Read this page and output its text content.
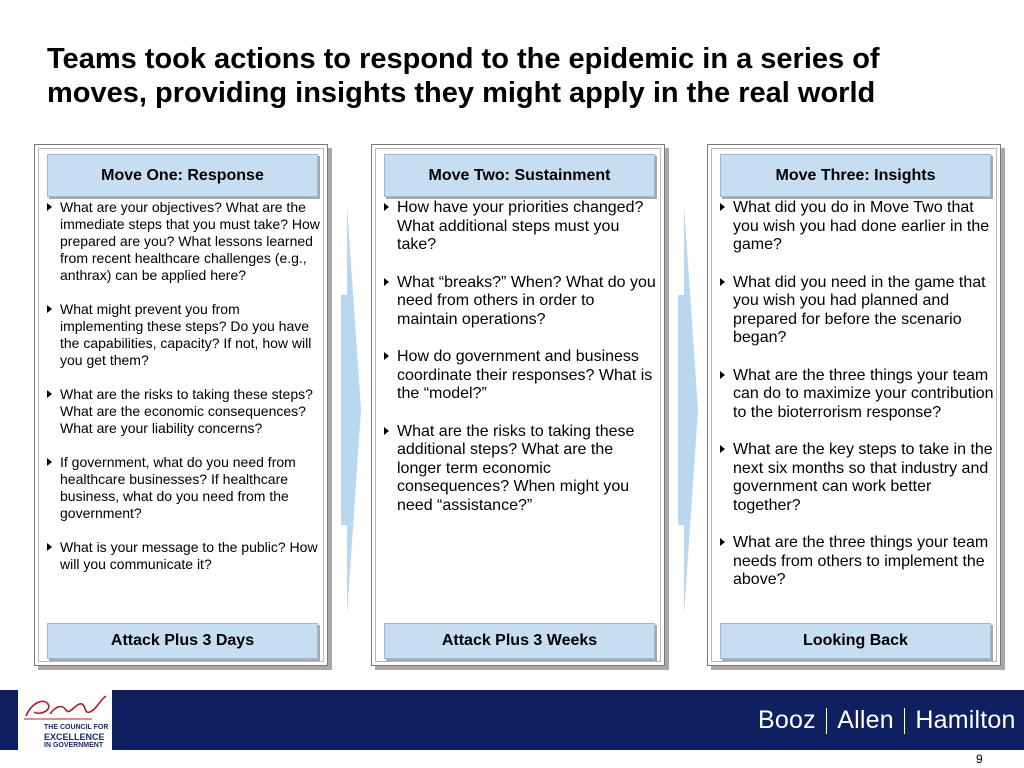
Teams took actions to respond to the epidemic in a series of
moves, providing insights they might apply in the real world
Move One: Response
What are your objectives? What are the immediate steps that you must take? How prepared are you? What lessons learned from recent healthcare challenges (e.g., anthrax) can be applied here?
What might prevent you from implementing these steps? Do you have the capabilities, capacity? If not, how will you get them?
What are the risks to taking these steps? What are the economic consequences? What are your liability concerns?
If government, what do you need from healthcare businesses? If healthcare business, what do you need from the government?
What is your message to the public? How will you communicate it?
Attack Plus 3 Days
Move Two: Sustainment
How have your priorities changed? What additional steps must you take?
What “breaks?” When? What do you need from others in order to maintain operations?
How do government and business coordinate their responses? What is the “model?”
What are the risks to taking these additional steps? What are the longer term economic consequences? When might you need “assistance?”
Attack Plus 3 Weeks
Move Three: Insights
What did you do in Move Two that you wish you had done earlier in the game?
What did you need in the game that you wish you had planned and prepared for before the scenario began?
What are the three things your team can do to maximize your contribution to the bioterrorism response?
What are the key steps to take in the next six months so that industry and government can work better together?
What are the three things your team needs from others to implement the above?
Looking Back
THE COUNCIL FOR
EXCELLENCE
IN GOVERNMENT
Booz Allen Hamilton
9
